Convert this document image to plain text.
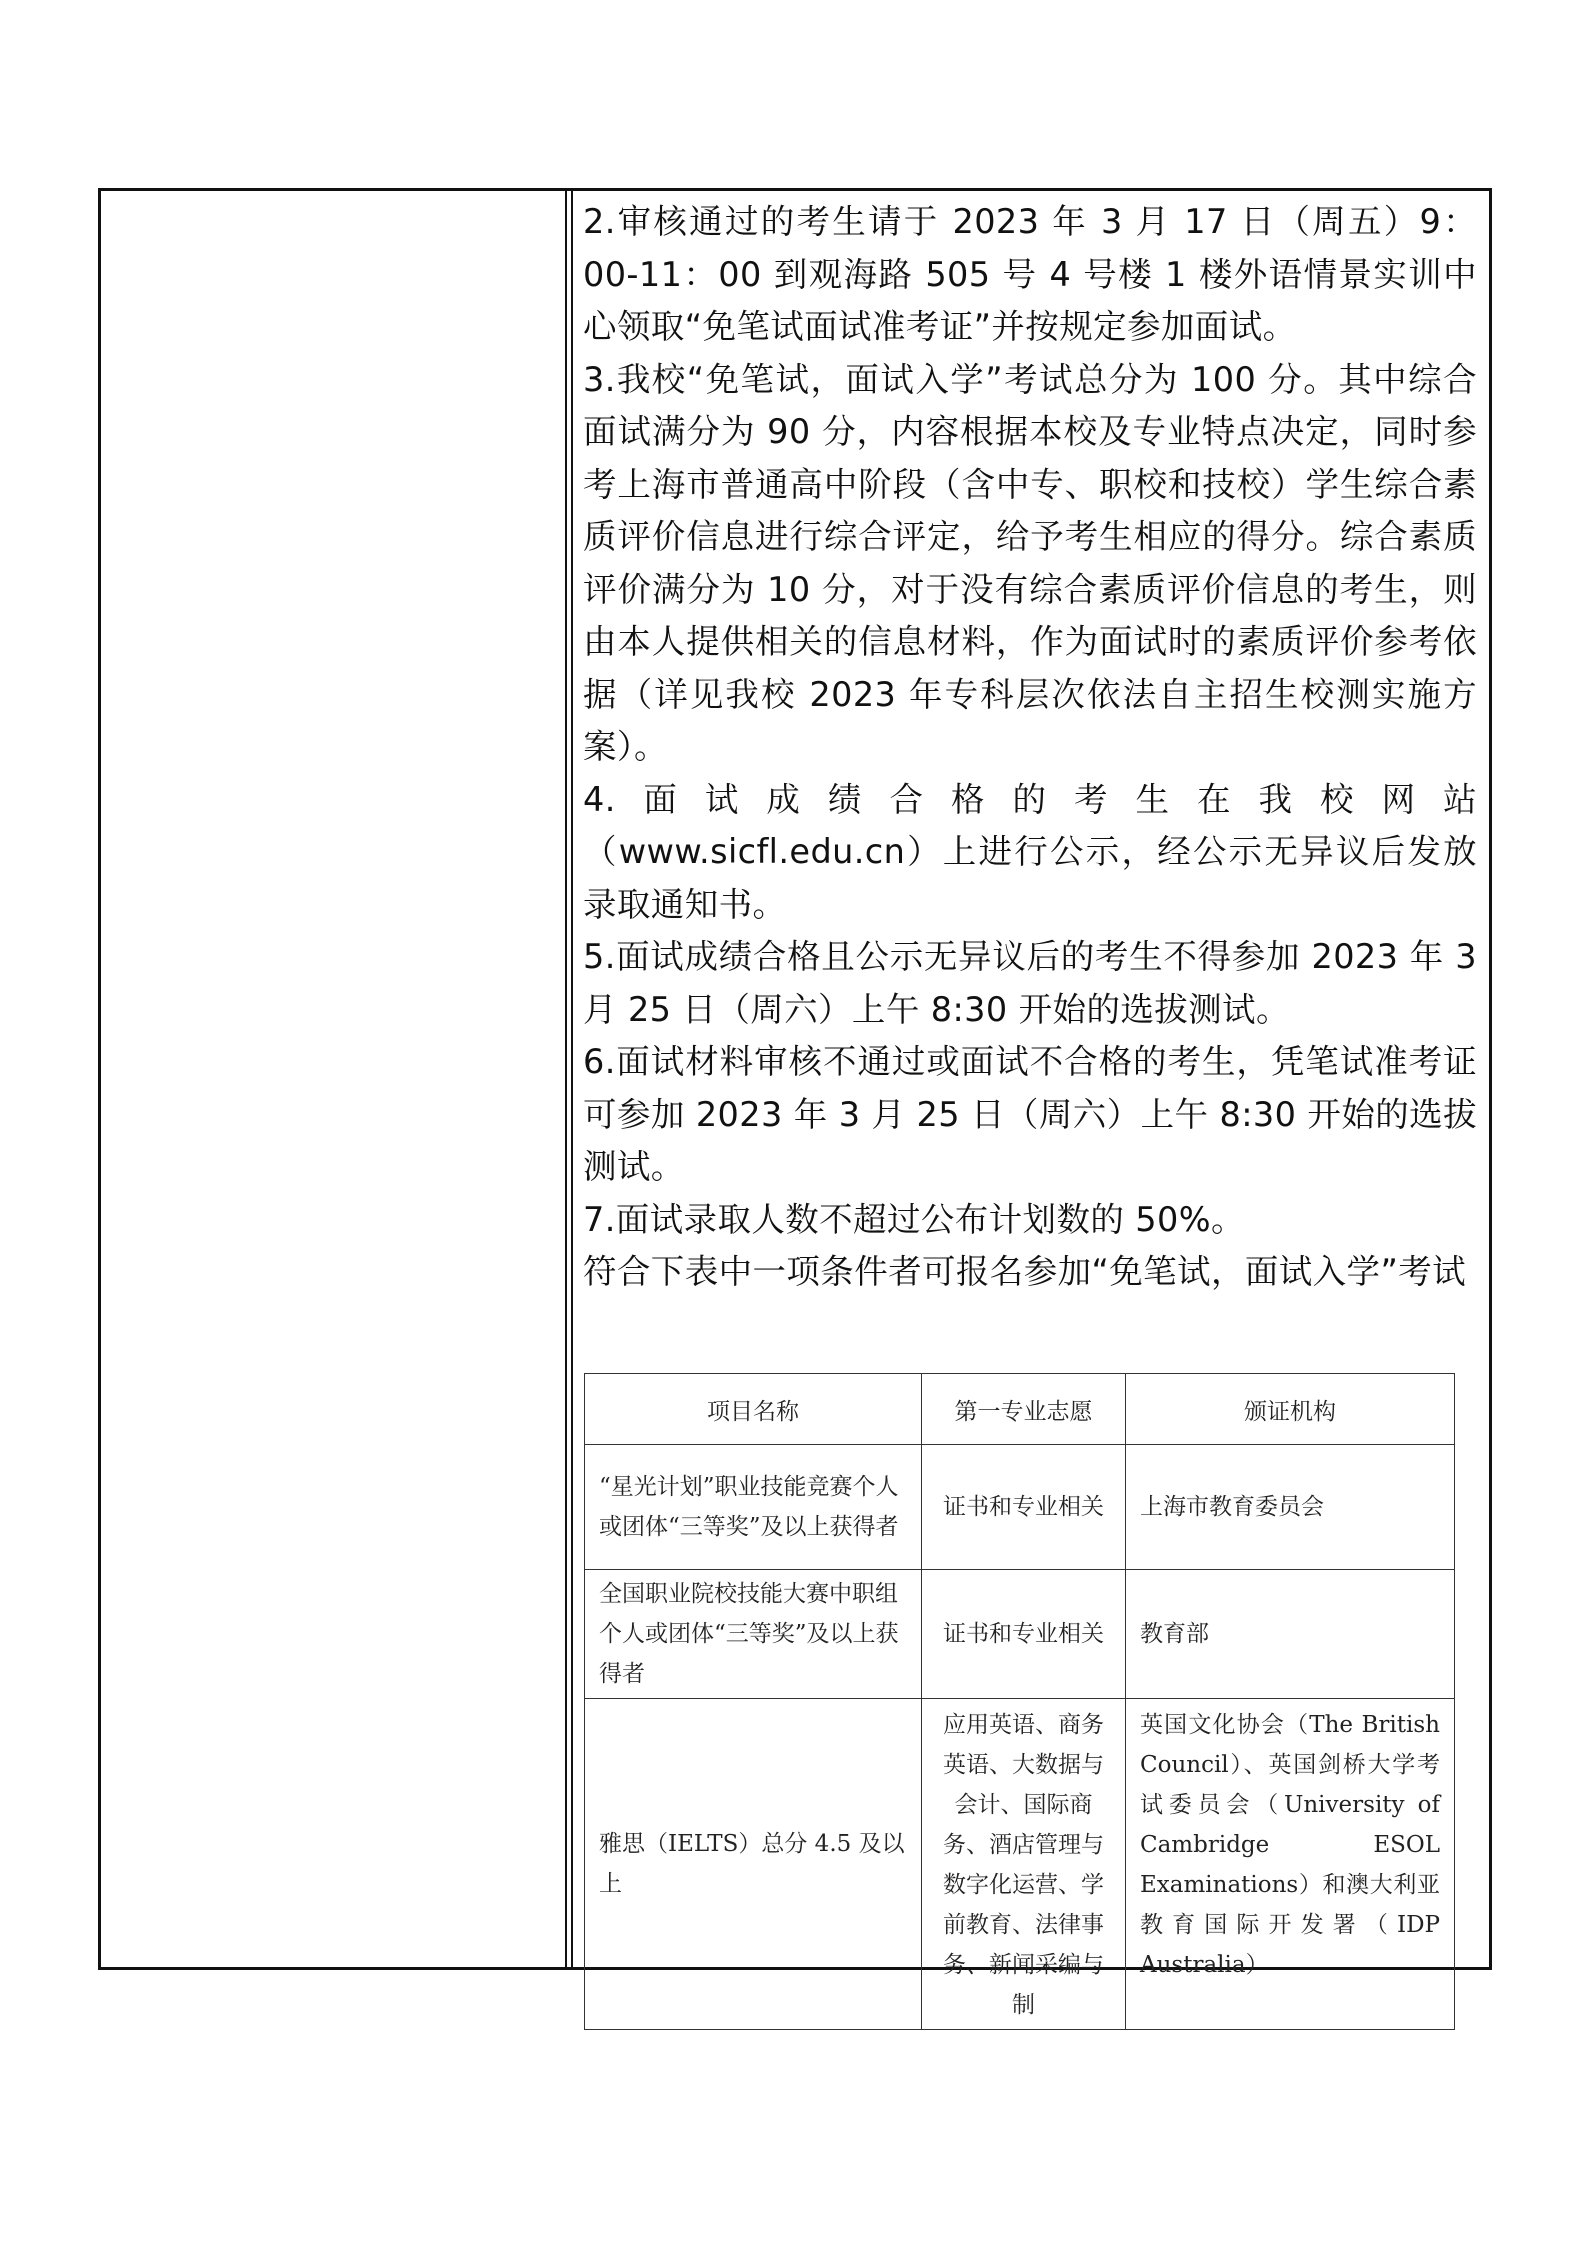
2.审核通过的考生请于 2023 年 3 月 17 日（周五）9：00-11：00 到观海路 505 号 4 号楼 1 楼外语情景实训中心领取“免笔试面试准考证”并按规定参加面试。

3.我校“免笔试，面试入学”考试总分为 100 分。其中综合面试满分为 90 分，内容根据本校及专业特点决定，同时参考上海市普通高中阶段（含中专、职校和技校）学生综合素质评价信息进行综合评定，给予考生相应的得分。综合素质评价满分为 10 分，对于没有综合素质评价信息的考生，则由本人提供相关的信息材料，作为面试时的素质评价参考依据（详见我校 2023 年专科层次依法自主招生校测实施方案）。

4.面试成绩合格的考生在我校网站

（www.sicfl.edu.cn）上进行公示，经公示无异议后发放录取通知书。

5.面试成绩合格且公示无异议后的考生不得参加 2023 年 3 月 25 日（周六）上午 8:30 开始的选拔测试。

6.面试材料审核不通过或面试不合格的考生，凭笔试准考证可参加 2023 年 3 月 25 日（周六）上午 8:30 开始的选拔测试。

7.面试录取人数不超过公布计划数的 50%。

符合下表中一项条件者可报名参加“免笔试，面试入学”考试

项目名称	第一专业志愿	颁证机构
“星光计划”职业技能竞赛个人或团体“三等奖”及以上获得者	证书和专业相关	上海市教育委员会
全国职业院校技能大赛中职组个人或团体“三等奖”及以上获得者	证书和专业相关	教育部
雅思（IELTS）总分 4.5 及以上	应用英语、商务英语、大数据与会计、国际商务、酒店管理与数字化运营、学前教育、法律事务、新闻采编与制	英国文化协会（The British Council）、英国剑桥大学考试委员会（University of Cambridge ESOL Examinations）和澳大利亚教育国际开发署（IDP Australia）
